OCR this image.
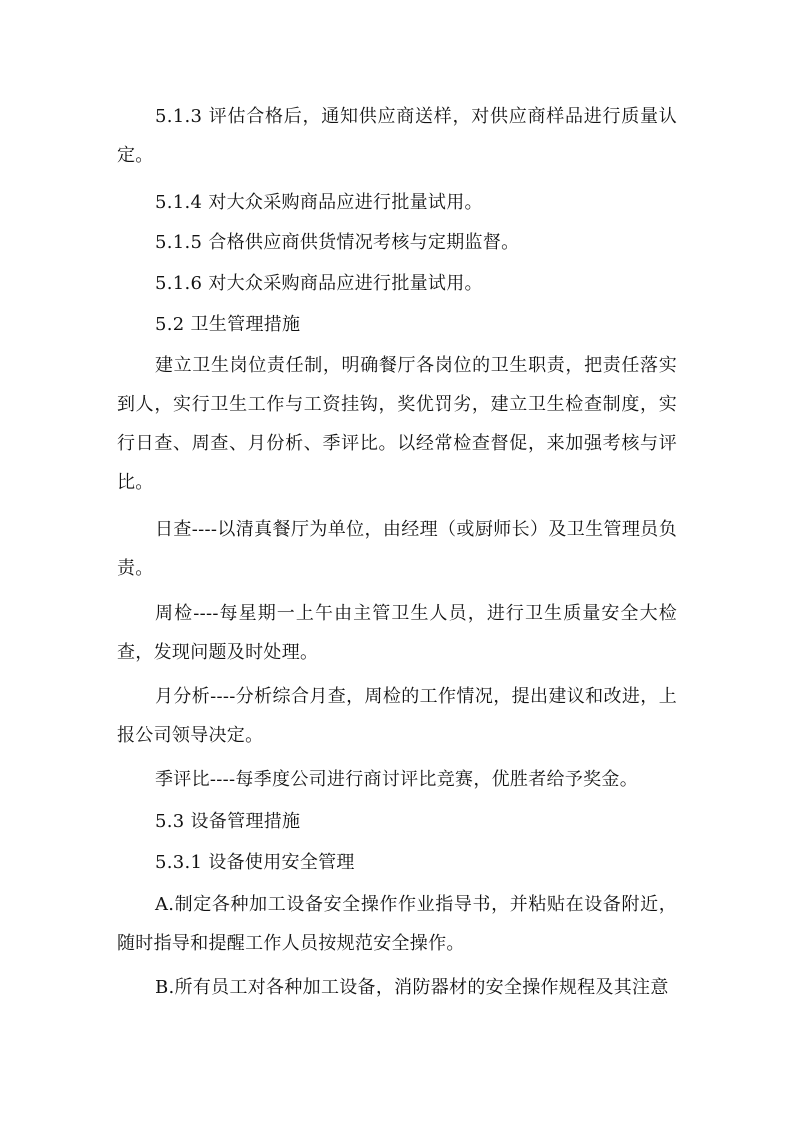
5.1.3 评估合格后，通知供应商送样，对供应商样品进行质量认定。

5.1.4 对大众采购商品应进行批量试用。

5.1.5 合格供应商供货情况考核与定期监督。

5.1.6 对大众采购商品应进行批量试用。

5.2 卫生管理措施

建立卫生岗位责任制，明确餐厅各岗位的卫生职责，把责任落实到人，实行卫生工作与工资挂钩，奖优罚劣，建立卫生检查制度，实行日查、周查、月份析、季评比。以经常检查督促，来加强考核与评比。

日查----以清真餐厅为单位，由经理（或厨师长）及卫生管理员负责。

周检----每星期一上午由主管卫生人员，进行卫生质量安全大检查，发现问题及时处理。

月分析----分析综合月查，周检的工作情况，提出建议和改进，上报公司领导决定。

季评比----每季度公司进行商讨评比竞赛，优胜者给予奖金。

5.3 设备管理措施

5.3.1 设备使用安全管理

A.制定各种加工设备安全操作作业指导书，并粘贴在设备附近，随时指导和提醒工作人员按规范安全操作。

B.所有员工对各种加工设备，消防器材的安全操作规程及其注意
